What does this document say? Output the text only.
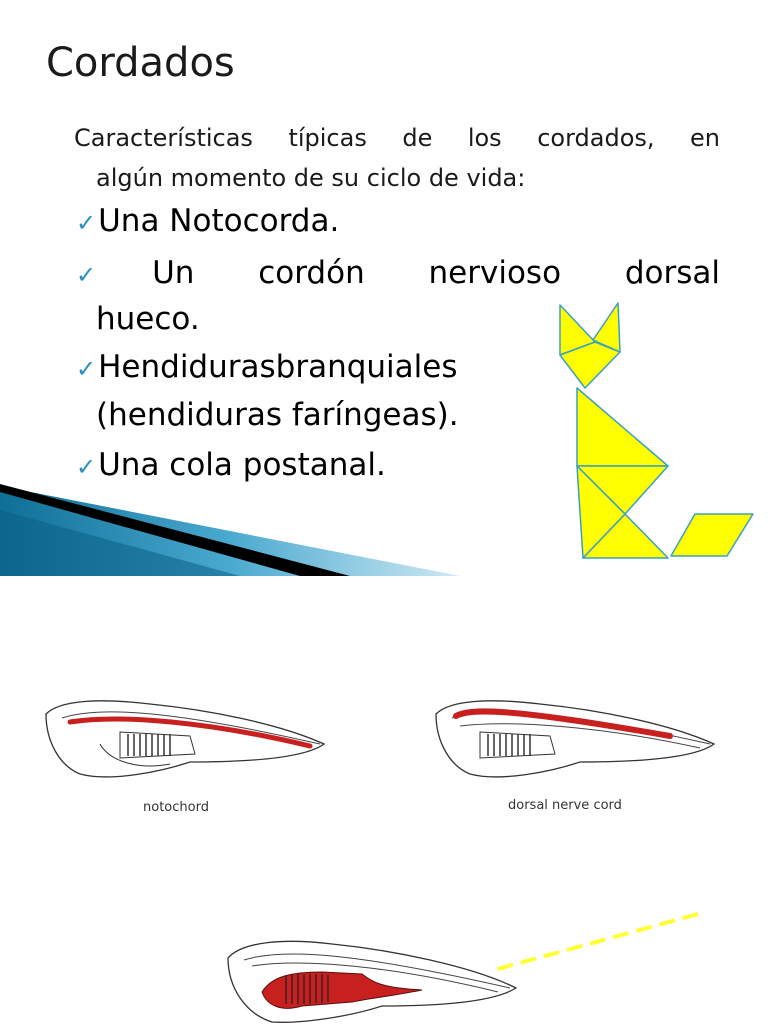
Cordados
Características típicas de los cordados, en
algún momento de su ciclo de vida:
✓Una Notocorda.
✓Un cordón nervioso dorsal
hueco.
✓Hendidurasbranquiales
(hendiduras faríngeas).
✓Una cola postanal.
notochord	dorsal nerve cord
